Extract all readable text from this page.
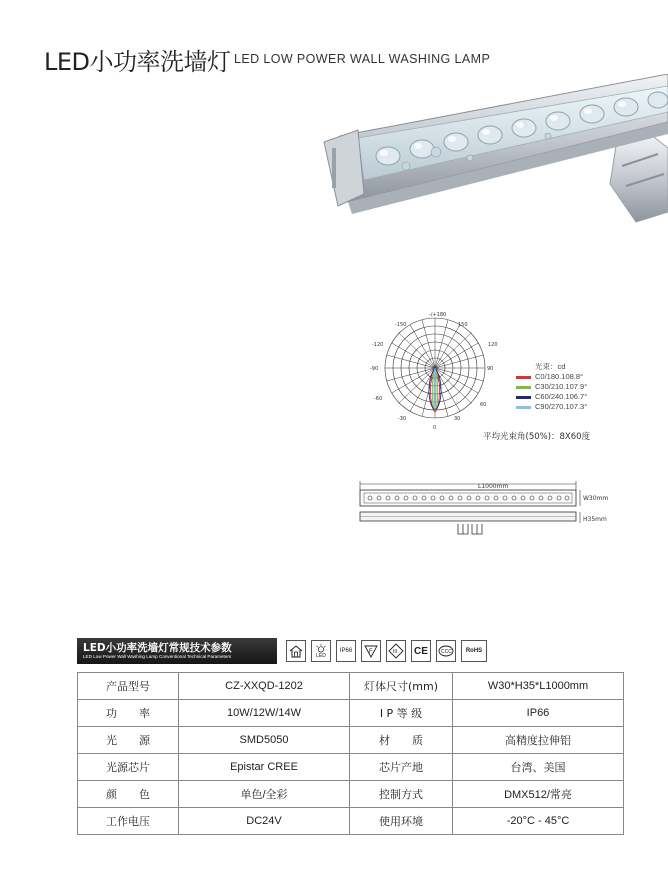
LED小功率洗墙灯 LED LOW POWER WALL WASHING LAMP
-/+180
150
-150
-120
-90
-60
-30
120
90
60
30
0
光束：cd
C0/180.108.8°
C30/210.107.9°
C60/240.106.7°
C90/270.107.3°
平均光束角(50%)：8X60度
L1000mm
W30mm
H35mm
LED小功率洗墙灯常规技术参数
LED Low Power Wall Washing Lamp Conventional Technical Parameters	LED
IP66	F	III	CE	CCC	RoHS
产品型号	CZ-XXQD-1202	灯体尺寸(mm)	W30*H35*L1000mm
功　　率	10W/12W/14W	I P 等 级	IP66
光　　源	SMD5050	材　　质	高精度拉伸铝
光源芯片	Epistar CREE	芯片产地	台湾、美国
颜　　色	单色/全彩	控制方式	DMX512/常亮
工作电压	DC24V	使用环境	-20°C - 45°C
